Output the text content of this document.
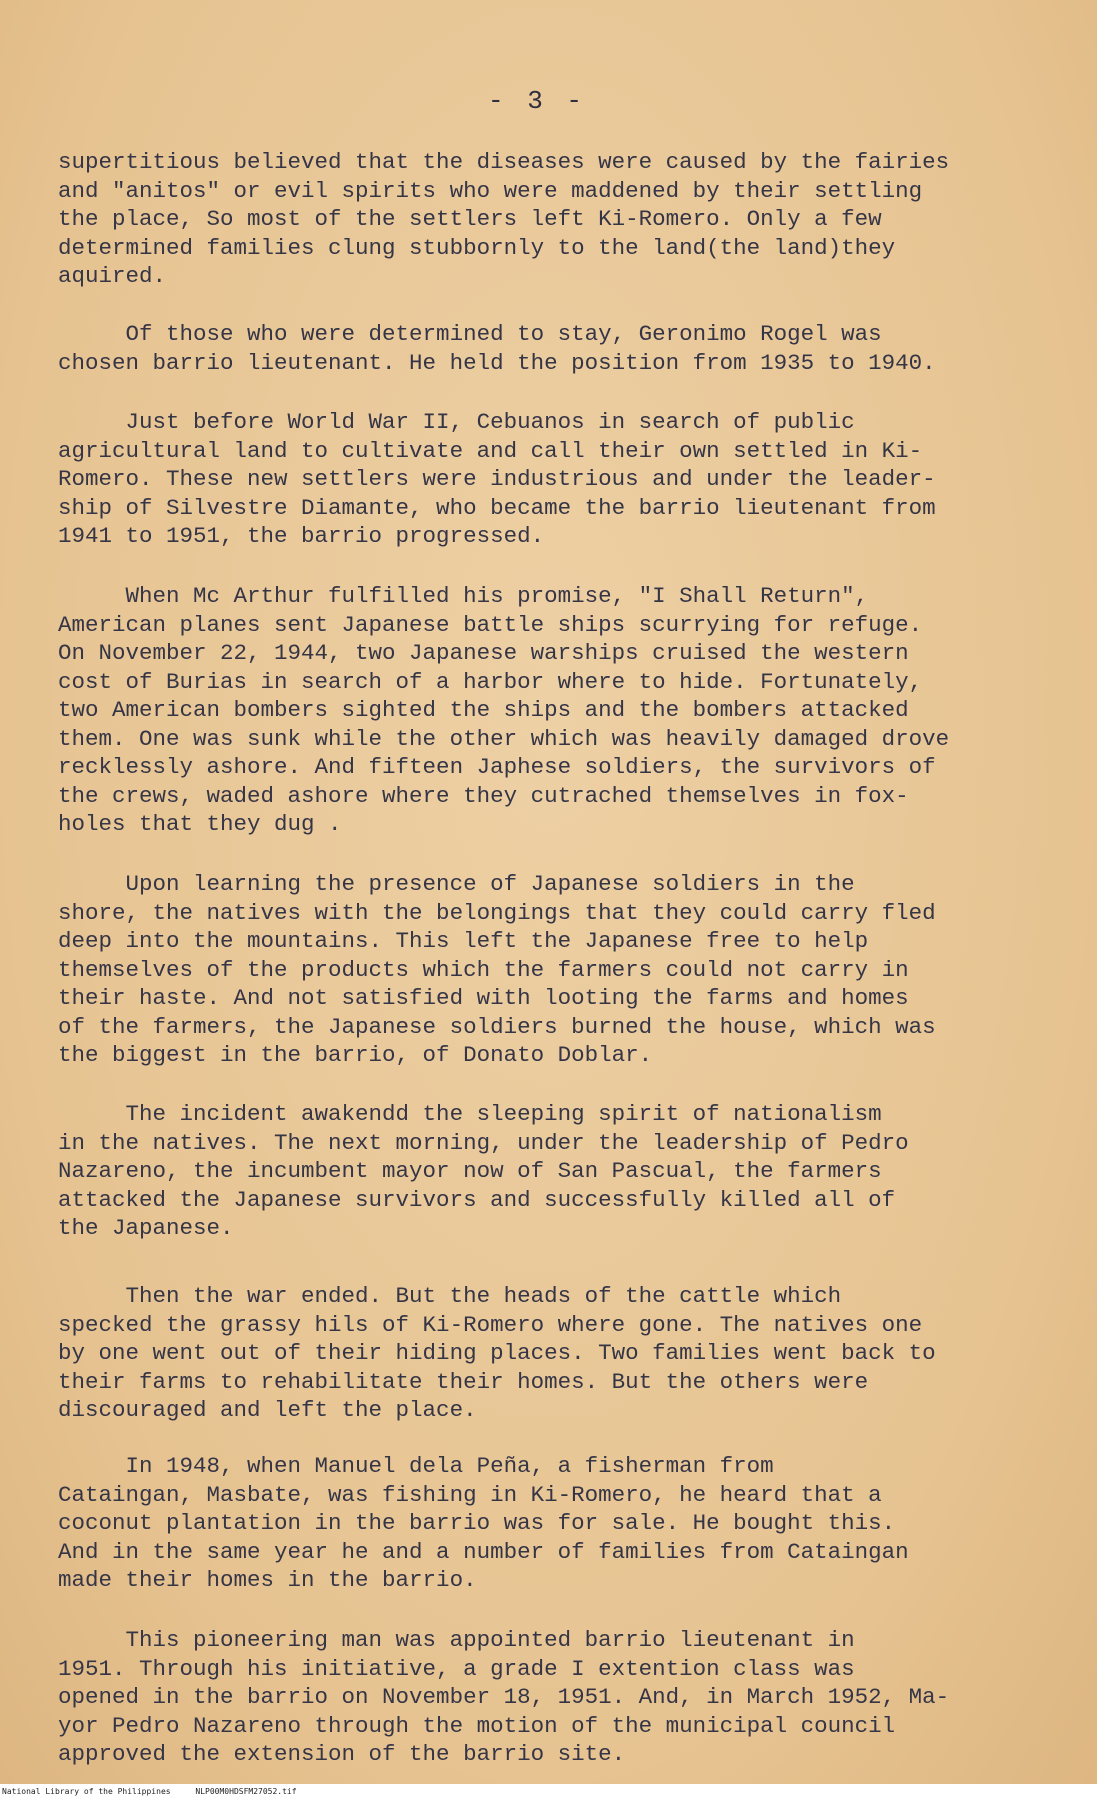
- 3 -

supertitious believed that the diseases were caused by the fairies
and "anitos" or evil spirits who were maddened by their settling
the place, So most of the settlers left Ki-Romero. Only a few
determined families clung stubbornly to the land(the land)they
aquired.

Of those who were determined to stay, Geronimo Rogel was
chosen barrio lieutenant. He held the position from 1935 to 1940.

Just before World War II, Cebuanos in search of public
agricultural land to cultivate and call their own settled in Ki-
Romero. These new settlers were industrious and under the leader-
ship of Silvestre Diamante, who became the barrio lieutenant from
1941 to 1951, the barrio progressed.

When Mc Arthur fulfilled his promise, "I Shall Return",
American planes sent Japanese battle ships scurrying for refuge.
On November 22, 1944, two Japanese warships cruised the western
cost of Burias in search of a harbor where to hide. Fortunately,
two American bombers sighted the ships and the bombers attacked
them. One was sunk while the other which was heavily damaged drove
recklessly ashore. And fifteen Japhese soldiers, the survivors of
the crews, waded ashore where they cutrached themselves in fox-
holes that they dug .

Upon learning the presence of Japanese soldiers in the
shore, the natives with the belongings that they could carry fled
deep into the mountains. This left the Japanese free to help
themselves of the products which the farmers could not carry in
their haste. And not satisfied with looting the farms and homes
of the farmers, the Japanese soldiers burned the house, which was
the biggest in the barrio, of Donato Doblar.

The incident awakendd the sleeping spirit of nationalism
in the natives. The next morning, under the leadership of Pedro
Nazareno, the incumbent mayor now of San Pascual, the farmers
attacked the Japanese survivors and successfully killed all of
the Japanese.

Then the war ended. But the heads of the cattle which
specked the grassy hils of Ki-Romero where gone. The natives one
by one went out of their hiding places. Two families went back to
their farms to rehabilitate their homes. But the others were
discouraged and left the place.

In 1948, when Manuel dela Peña, a fisherman from
Cataingan, Masbate, was fishing in Ki-Romero, he heard that a
coconut plantation in the barrio was for sale. He bought this.
And in the same year he and a number of families from Cataingan
made their homes in the barrio.

This pioneering man was appointed barrio lieutenant in
1951. Through his initiative, a grade I extention class was
opened in the barrio on November 18, 1951. And, in March 1952, Ma-
yor Pedro Nazareno through the motion of the municipal council
approved the extension of the barrio site.

National Library of the Philippines	NLP00M0HDSFM27052.tif
